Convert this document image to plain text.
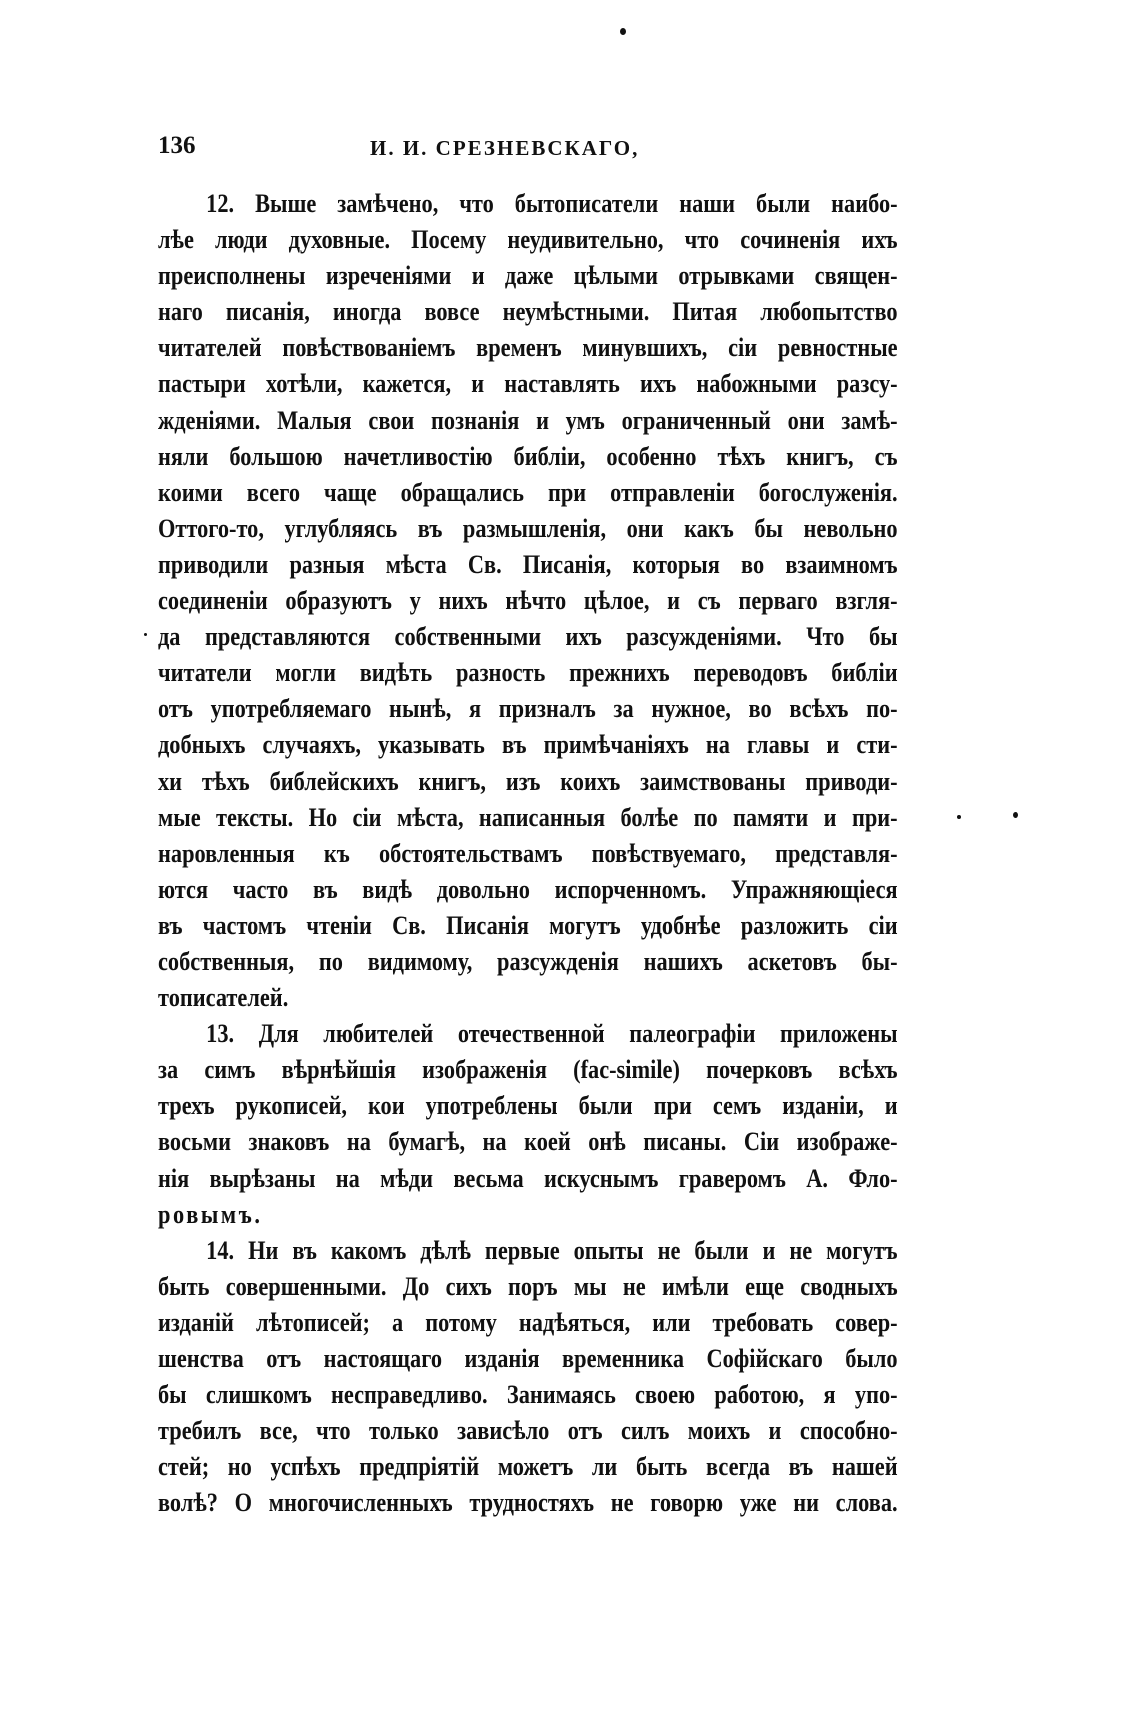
136	И. И. СРЕЗНЕВСКАГО,
12. Выше замѣчено, что бытописатели наши были наибо-
лѣе люди духовные. Посему неудивительно, что сочиненія ихъ
преисполнены изреченіями и даже цѣлыми отрывками священ-
наго писанія, иногда вовсе неумѣстными. Питая любопытство
читателей повѣствованіемъ временъ минувшихъ, сіи ревностные
пастыри хотѣли, кажется, и наставлять ихъ набожными разсу-
жденіями. Малыя свои познанія и умъ ограниченный они замѣ-
няли большою начетливостію библіи, особенно тѣхъ книгъ, съ
коими всего чаще обращались при отправленіи богослуженія.
Оттого-то, углубляясь въ размышленія, они какъ бы невольно
приводили разныя мѣста Св. Писанія, которыя во взаимномъ
соединеніи образуютъ у нихъ нѣчто цѣлое, и съ перваго взгля-
да представляются собственными ихъ разсужденіями. Что бы
читатели могли видѣть разность прежнихъ переводовъ библіи
отъ употребляемаго нынѣ, я призналъ за нужное, во всѣхъ по-
добныхъ случаяхъ, указывать въ примѣчаніяхъ на главы и сти-
хи тѣхъ библейскихъ книгъ, изъ коихъ заимствованы приводи-
мые тексты. Но сіи мѣста, написанныя болѣе по памяти и при-
наровленныя къ обстоятельствамъ повѣствуемаго, представля-
ются часто въ видѣ довольно испорченномъ. Упражняющіеся
въ частомъ чтеніи Св. Писанія могутъ удобнѣе разложить сіи
собственныя, по видимому, разсужденія нашихъ аскетовъ бы-
тописателей.
13. Для любителей отечественной палеографіи приложены
за симъ вѣрнѣйшія изображенія (fac-simile) почерковъ всѣхъ
трехъ рукописей, кои употреблены были при семъ изданіи, и
восьми знаковъ на бумагѣ, на коей онѣ писаны. Сіи изображе-
нія вырѣзаны на мѣди весьма искуснымъ граверомъ А. Фло-
ровымъ.
14. Ни въ какомъ дѣлѣ первые опыты не были и не могутъ
быть совершенными. До сихъ поръ мы не имѣли еще сводныхъ
изданій лѣтописей; а потому надѣяться, или требовать совер-
шенства отъ настоящаго изданія временника Софійскаго было
бы слишкомъ несправедливо. Занимаясь своею работою, я упо-
требилъ все, что только зависѣло отъ силъ моихъ и способно-
стей; но успѣхъ предпріятій можетъ ли быть всегда въ нашей
волѣ? О многочисленныхъ трудностяхъ не говорю уже ни слова.
